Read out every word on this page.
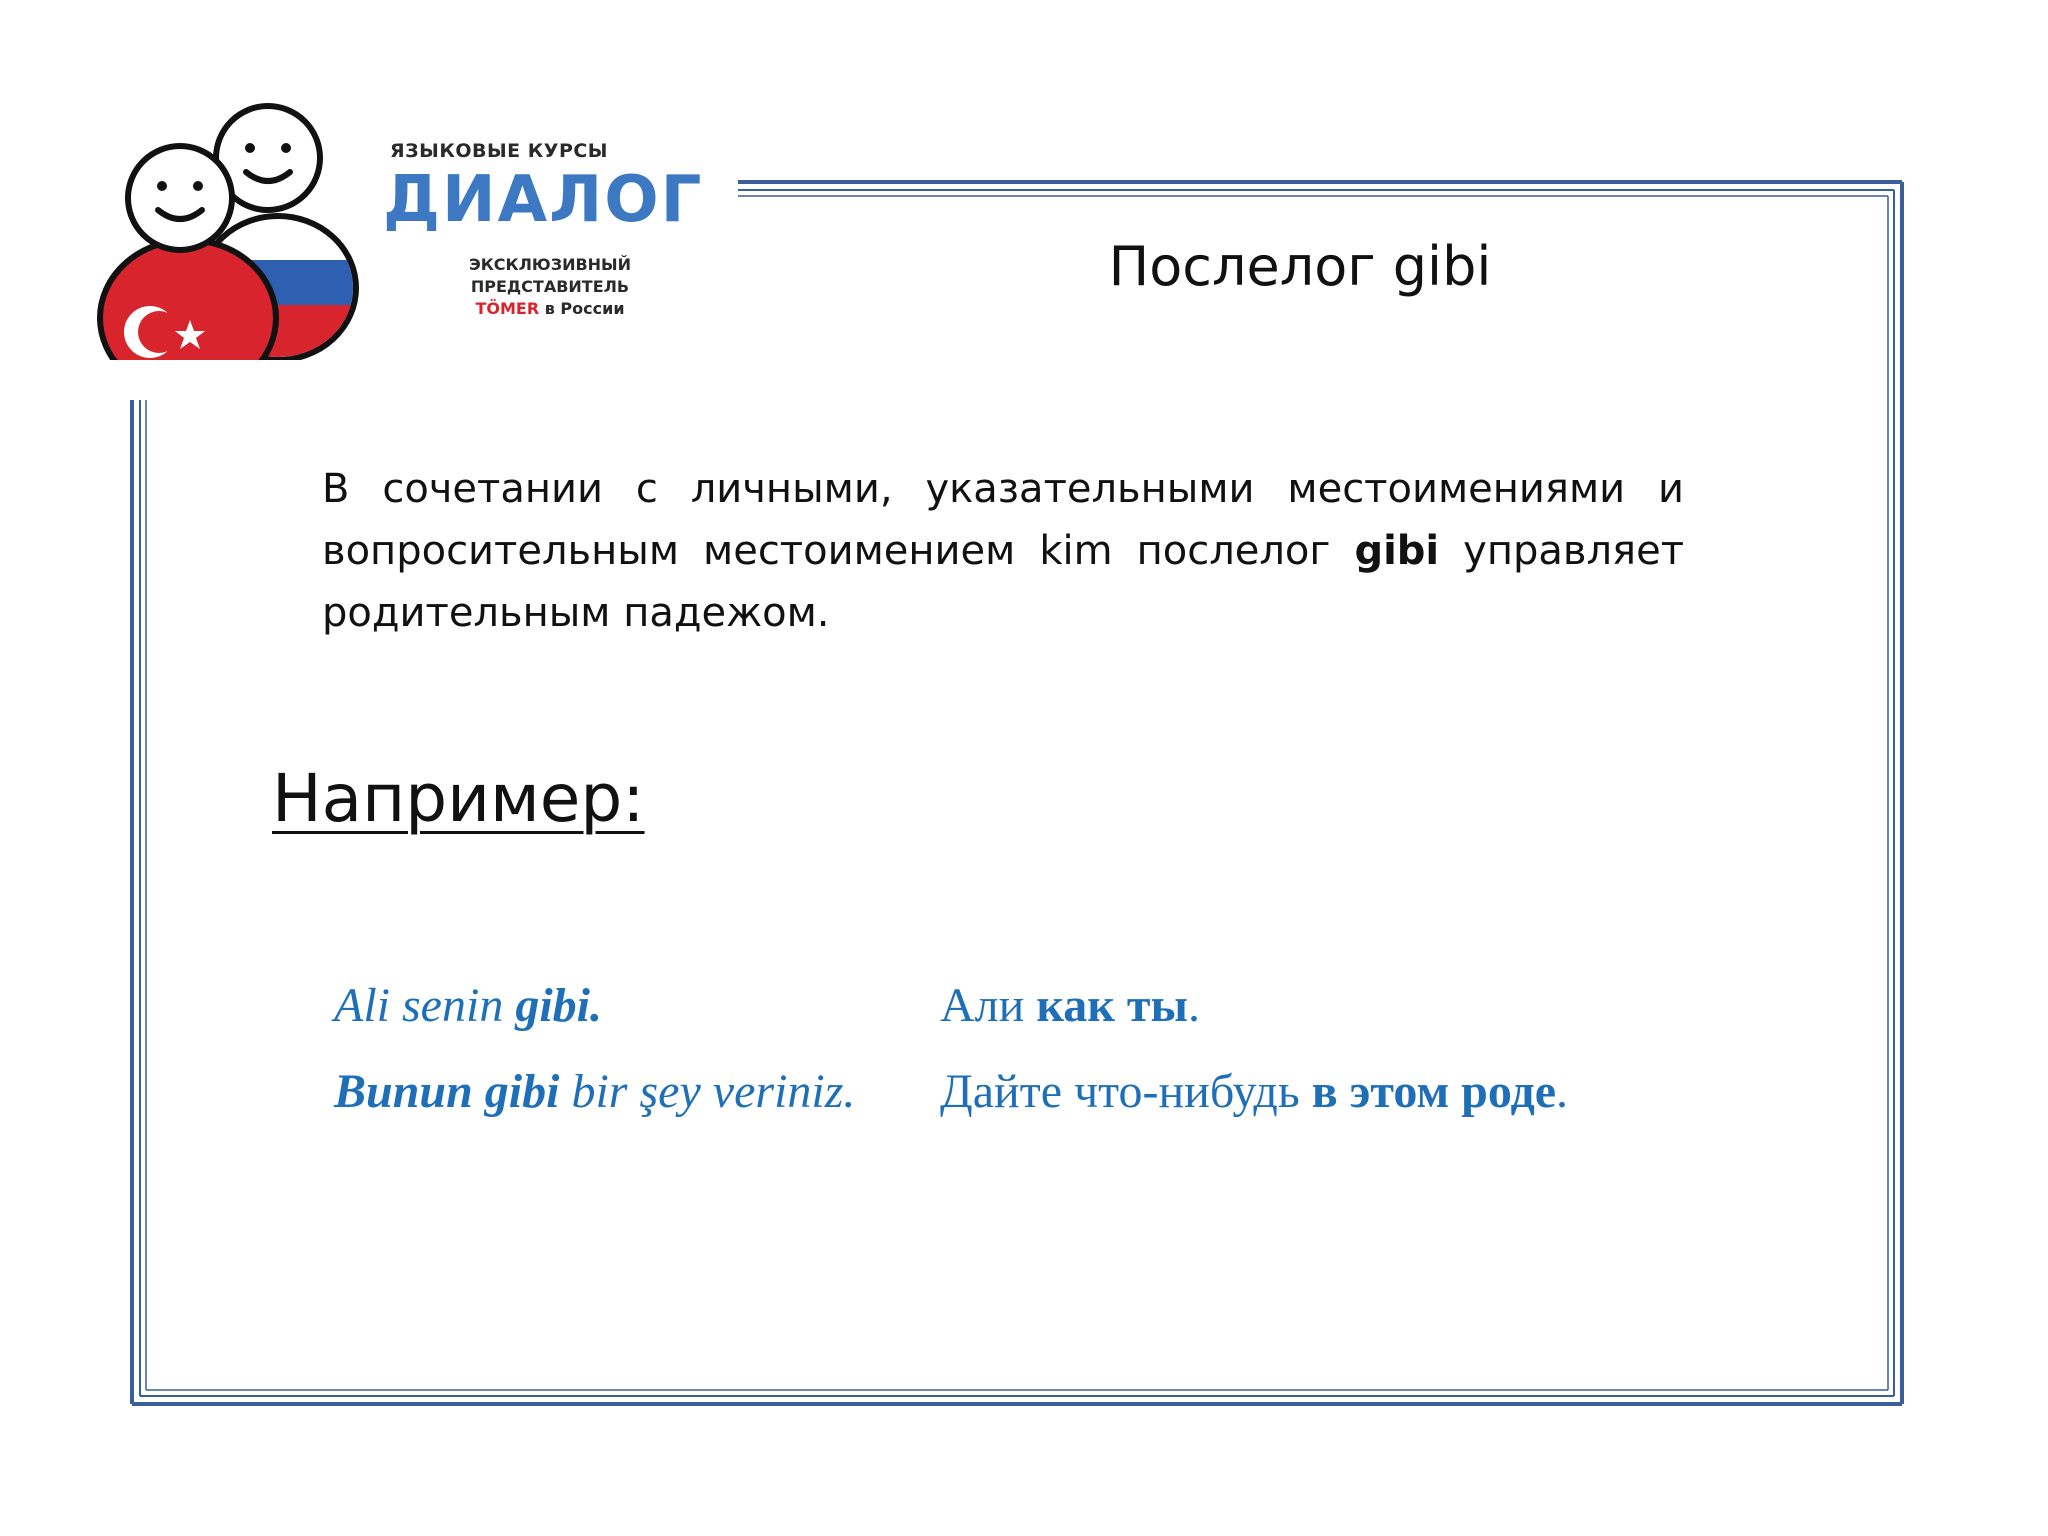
ЯЗЫКОВЫЕ КУРСЫ
ДИАЛОГ
ЭКСКЛЮЗИВНЫЙ ПРЕДСТАВИТЕЛЬ
TÖMER в России
Послелог gibi
В сочетании с личными, указательными местоимениями и вопросительным местоимением kim послелог gibi управляет родительным падежом.
Например:
Ali senin gibi.	Али как ты.
Bunun gibi bir şey veriniz. Дайте что-нибудь в этом роде.
